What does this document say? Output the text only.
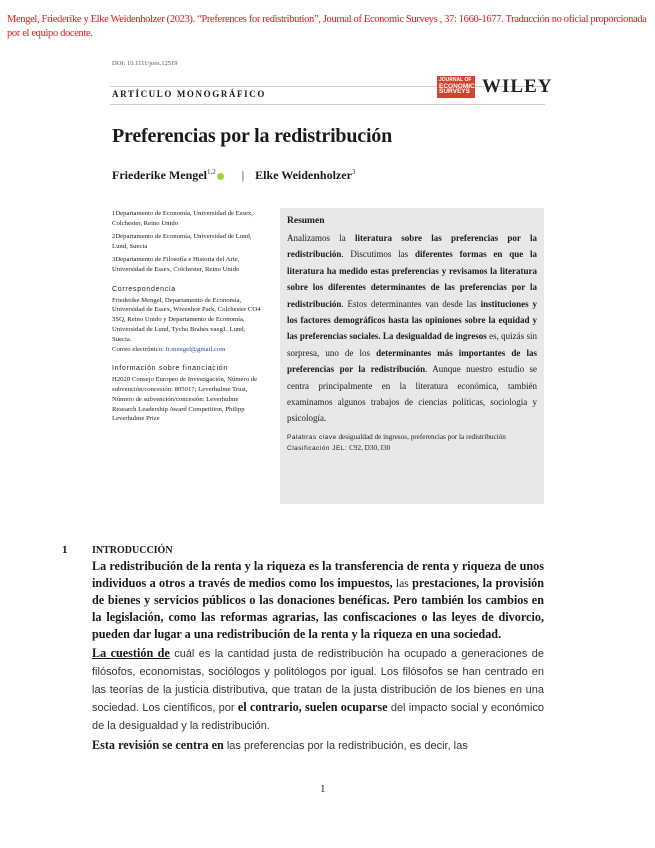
Mengel, Friederike y Elke Weidenholzer (2023). “Preferences for redistribution”, Journal of Economic Surveys , 37: 1660-1677. Traducción no oficial proporcionada por el equipo docente.
DOI: 10.1111/joes.12519
ARTÍCULO MONOGRÁFICO
JOURNAL OF
ECONOMIC
SURVEYS WILEY
Preferencias por la redistribución
Friederike Mengel$^{1,2}$ | Elke Weidenholzer$^3$

1Departamento de Economía, Universidad de Essex, Colchester, Reino Unido

2Departamento de Economía, Universidad de Lund, Lund, Suecia

3Departamento de Filosofía e Historia del Arte, Universidad de Essex, Colchester, Reino Unido

Correspondencia

Friederike Mengel, Departamento de Economía, Universidad de Essex, Wivenhoe Park, Colchester CO4 3SQ, Reino Unido y Departamento de Economía, Universidad de Lund, Tycho Brahes vaeg1, Lund, Suecia.

Correo electrónico: fr.mengel@gmail.com

Información sobre financiación

H2020 Consejo Europeo de Investigación, Número de subvención/concesión: 805017; Leverhulme Trust, Número de subvención/concesión: Leverhulme Research Leadership Award Competition, Philipp Leverhulme Prize

Resumen
Analizamos la literatura sobre las preferencias por la redistribución. Discutimos las diferentes formas en que la literatura ha medido estas preferencias y revisamos la literatura sobre los diferentes determinantes de las preferencias por la redistribución. Estos determinantes van desde las instituciones y los factores demográficos hasta las opiniones sobre la equidad y las preferencias sociales. La desigualdad de ingresos es, quizás sin sorpresa, uno de los determinantes más importantes de las preferencias por la redistribución. Aunque nuestro estudio se centra principalmente en la literatura económica, también examinamos algunos trabajos de ciencias políticas, sociología y psicología.
Palabras clave desigualdad de ingresos, preferencias por la redistribución
Clasificación JEL: C92, D30, I30
1 INTRODUCCIÓN

La redistribución de la renta y la riqueza es la transferencia de renta y riqueza de unos individuos a otros a través de medios como los impuestos, las prestaciones, la provisión de bienes y servicios públicos o las donaciones benéficas. Pero también los cambios en la legislación, como las reformas agrarias, las confiscaciones o las leyes de divorcio, pueden dar lugar a una redistribución de la renta y la riqueza en una sociedad.

La cuestión de cuál es la cantidad justa de redistribución ha ocupado a generaciones de filósofos, economistas, sociólogos y politólogos por igual. Los filósofos se han centrado en las teorías de la justicia distributiva, que tratan de la justa distribución de los bienes en una sociedad. Los científicos, por el contrario, suelen ocuparse del impacto social y económico de la desigualdad y la redistribución.

Esta revisión se centra en las preferencias por la redistribución, es decir, las

1
